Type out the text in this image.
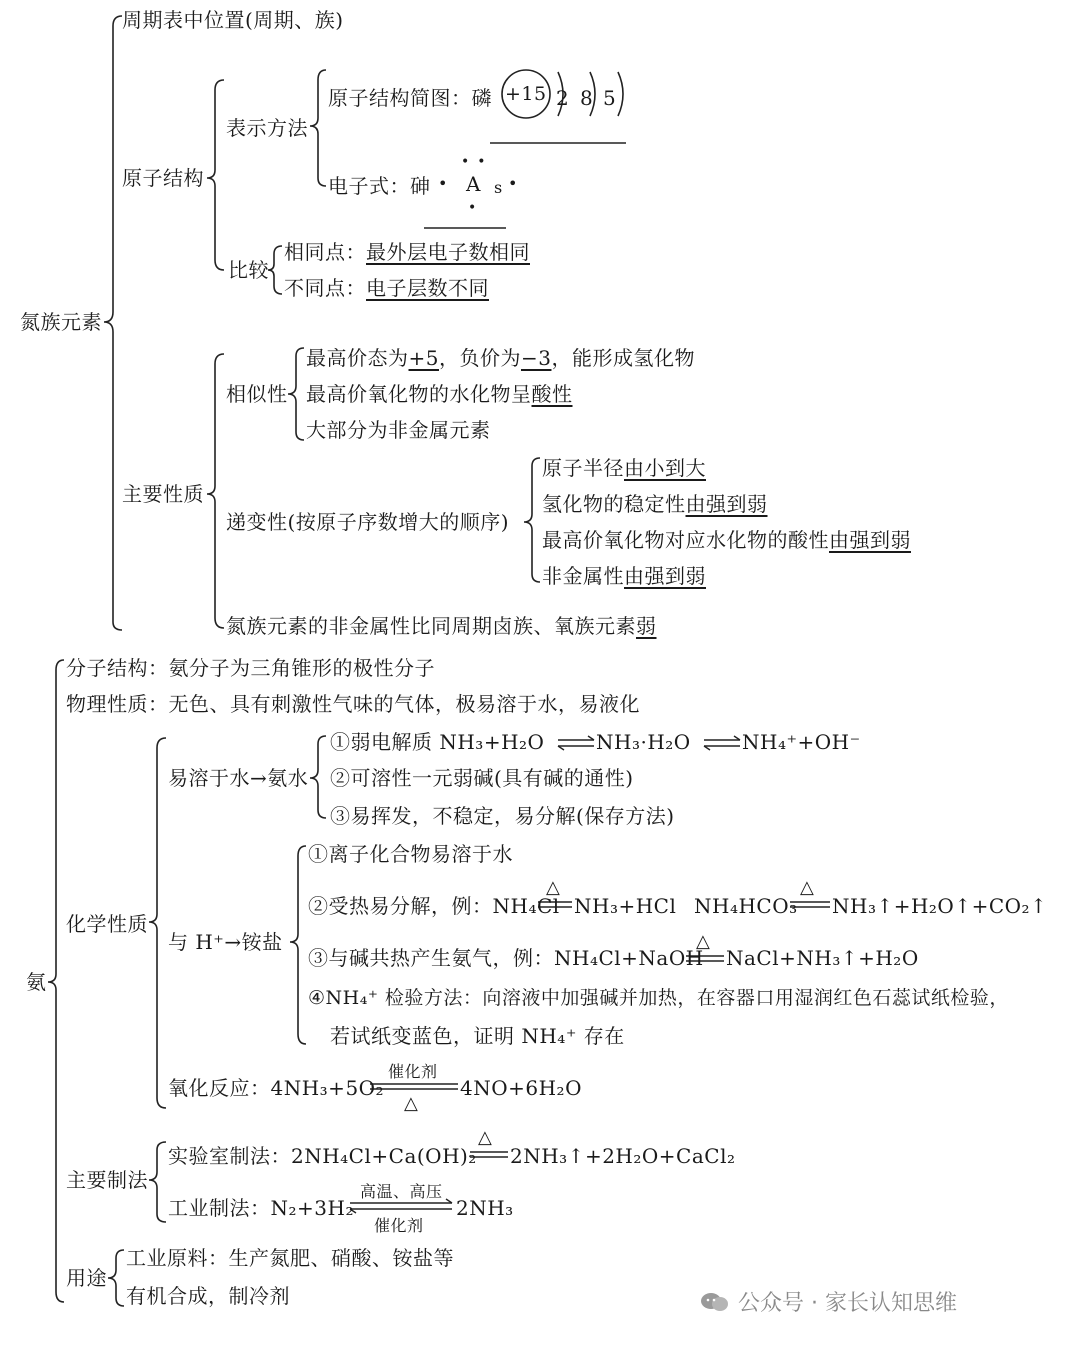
氮族元素
周期表中位置(周期、族)
原子结构
表示方法
原子结构简图：磷 +15 2 8 5
电子式：砷 •
••
A s •
•
比较
相同点：最外层电子数相同
不同点：电子层数不同
主要性质
相似性
最高价态为+5，负价为−3，能形成氢化物
最高价氧化物的水化物呈酸性
大部分为非金属元素
递变性(按原子序数增大的顺序)
原子半径由小到大
氢化物的稳定性由强到弱
最高价氧化物对应水化物的酸性由强到弱
非金属性由强到弱
氮族元素的非金属性比同周期卤族、氧族元素弱
氨
分子结构：氨分子为三角锥形的极性分子
物理性质：无色、具有刺激性气味的气体，极易溶于水，易液化
化学性质
易溶于水→氨水
①弱电解质 NH₃+H₂O	NH₃·H₂O	NH₄⁺+OH⁻
②可溶性一元弱碱(具有碱的通性)
③易挥发，不稳定，易分解(保存方法)
与 H⁺→铵盐
①离子化合物易溶于水
②受热易分解，例：NH₄Cl
△
NH₃+HCl NH₄HCO₃
△
NH₃↑+H₂O↑+CO₂↑
③与碱共热产生氨气，例：NH₄Cl+NaOH
△
NaCl+NH₃↑+H₂O
④NH₄⁺ 检验方法：向溶液中加强碱并加热，在容器口用湿润红色石蕊试纸检验，
若试纸变蓝色，证明 NH₄⁺ 存在
氧化反应：4NH₃+5O₂
催化剂
△
4NO+6H₂O
主要制法
实验室制法：2NH₄Cl+Ca(OH)₂
△
2NH₃↑+2H₂O+CaCl₂
工业制法：N₂+3H₂
高温、高压
催化剂
2NH₃
用途
工业原料：生产氮肥、硝酸、铵盐等
有机合成，制冷剂	公众号 · 家长认知思维
